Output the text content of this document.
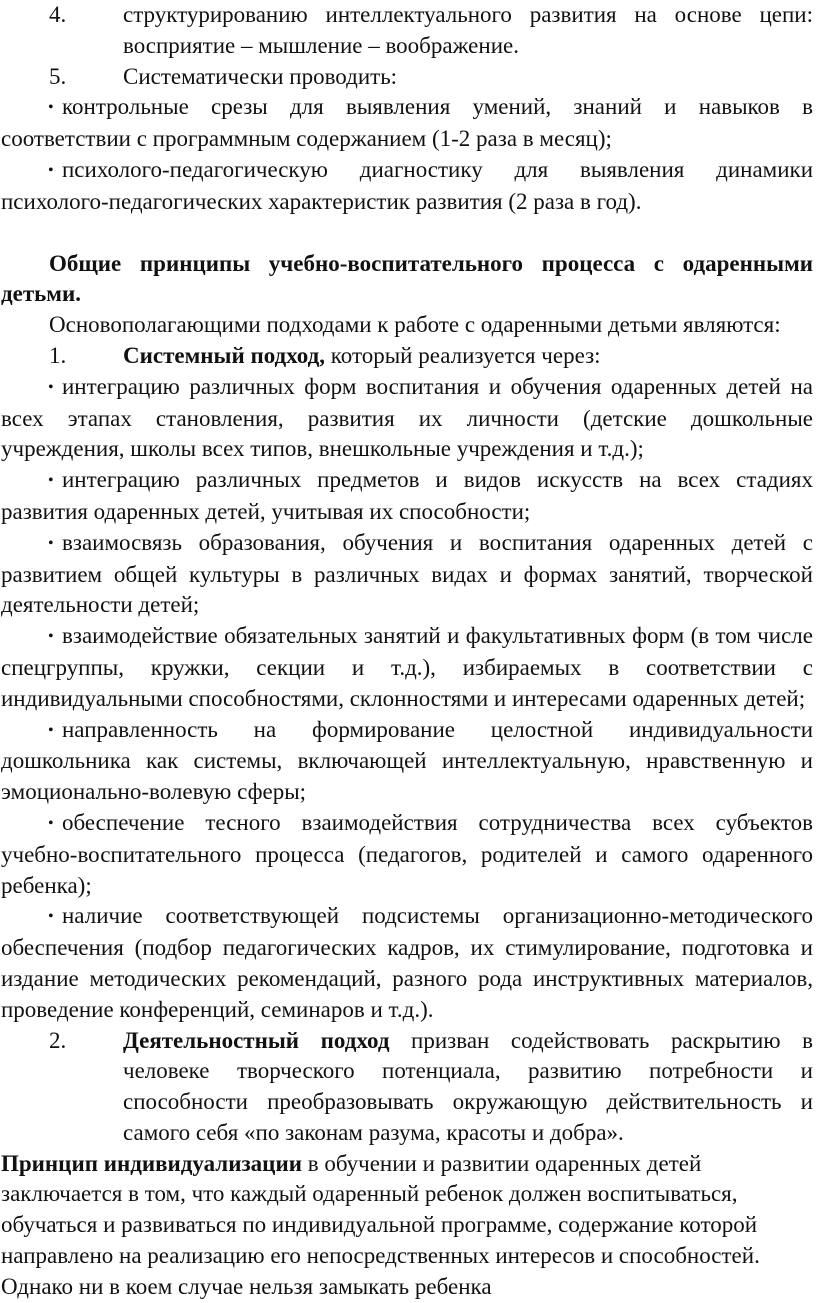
4.	структурированию интеллектуального развития на основе цепи: восприятие – мышление – воображение.
5.	Систематически проводить:

• контрольные срезы для выявления умений, знаний и навыков в соответствии с программным содержанием (1-2 раза в месяц);

• психолого-педагогическую диагностику для выявления динамики психолого-педагогических характеристик развития (2 раза в год).

Общие принципы учебно-воспитательного процесса с одаренными детьми.

Основополагающими подходами к работе с одаренными детьми являются:

1.	Системный подход, который реализуется через:

• интеграцию различных форм воспитания и обучения одаренных детей на всех этапах становления, развития их личности (детские дошкольные учреждения, школы всех типов, внешкольные учреждения и т.д.);

• интеграцию различных предметов и видов искусств на всех стадиях развития одаренных детей, учитывая их способности;

• взаимосвязь образования, обучения и воспитания одаренных детей с развитием общей культуры в различных видах и формах занятий, творческой деятельности детей;

• взаимодействие обязательных занятий и факультативных форм (в том числе спецгруппы, кружки, секции и т.д.), избираемых в соответствии с индивидуальными способностями, склонностями и интересами одаренных детей;

• направленность на формирование целостной индивидуальности дошкольника как системы, включающей интеллектуальную, нравственную и эмоционально-волевую сферы;

• обеспечение тесного взаимодействия сотрудничества всех субъектов учебно-воспитательного процесса (педагогов, родителей и самого одаренного ребенка);

• наличие соответствующей подсистемы организационно-методического обеспечения (подбор педагогических кадров, их стимулирование, подготовка и издание методических рекомендаций, разного рода инструктивных материалов, проведение конференций, семинаров и т.д.).

2.	Деятельностный подход призван содействовать раскрытию в человеке творческого потенциала, развитию потребности и способности преобразовывать окружающую действительность и самого себя «по законам разума, красоты и добра».

Принцип индивидуализации в обучении и развитии одаренных детей заключается в том, что каждый одаренный ребенок должен воспитываться, обучаться и развиваться по индивидуальной программе, содержание которой направлено на реализацию его непосредственных интересов и способностей. Однако ни в коем случае нельзя замыкать ребенка
